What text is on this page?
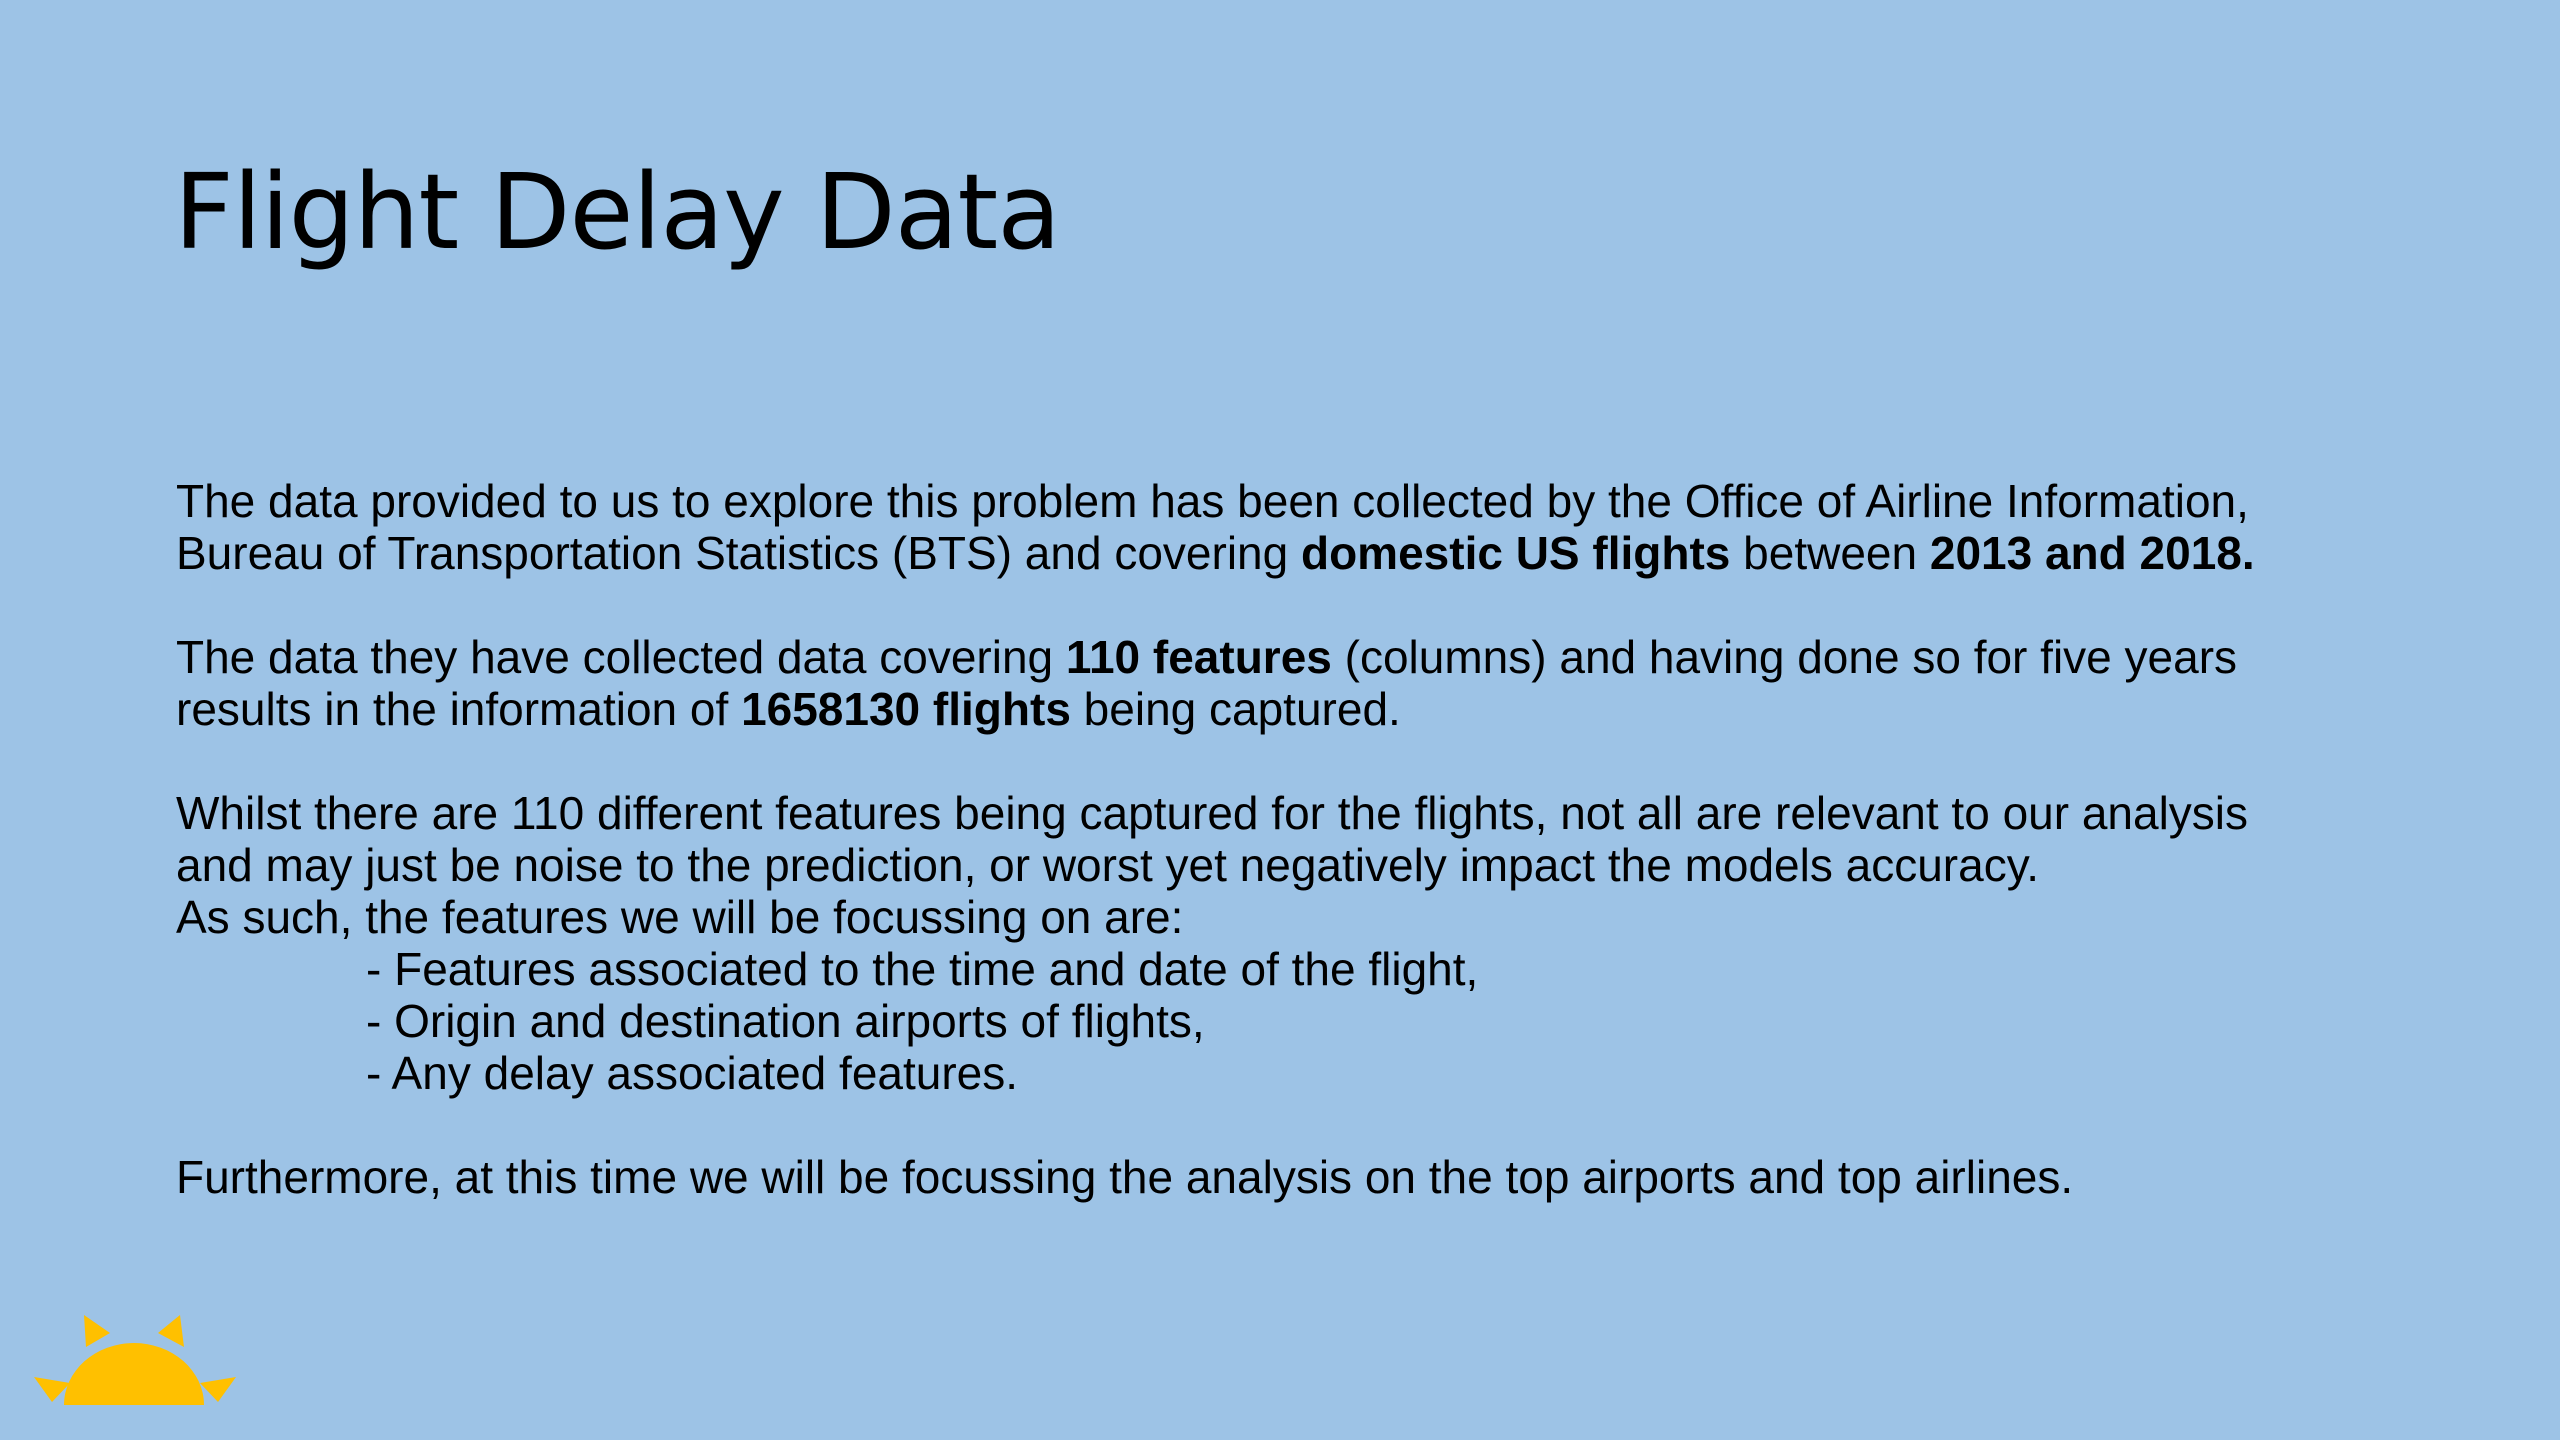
Flight Delay Data

The data provided to us to explore this problem has been collected by the Office of Airline Information,
Bureau of Transportation Statistics (BTS) and covering domestic US flights between 2013 and 2018.

The data they have collected data covering 110 features (columns) and having done so for five years
results in the information of 1658130 flights being captured.

Whilst there are 110 different features being captured for the flights, not all are relevant to our analysis
and may just be noise to the prediction, or worst yet negatively impact the models accuracy.
As such, the features we will be focussing on are:
- Features associated to the time and date of the flight,
- Origin and destination airports of flights,
- Any delay associated features.

Furthermore, at this time we will be focussing the analysis on the top airports and top airlines.
